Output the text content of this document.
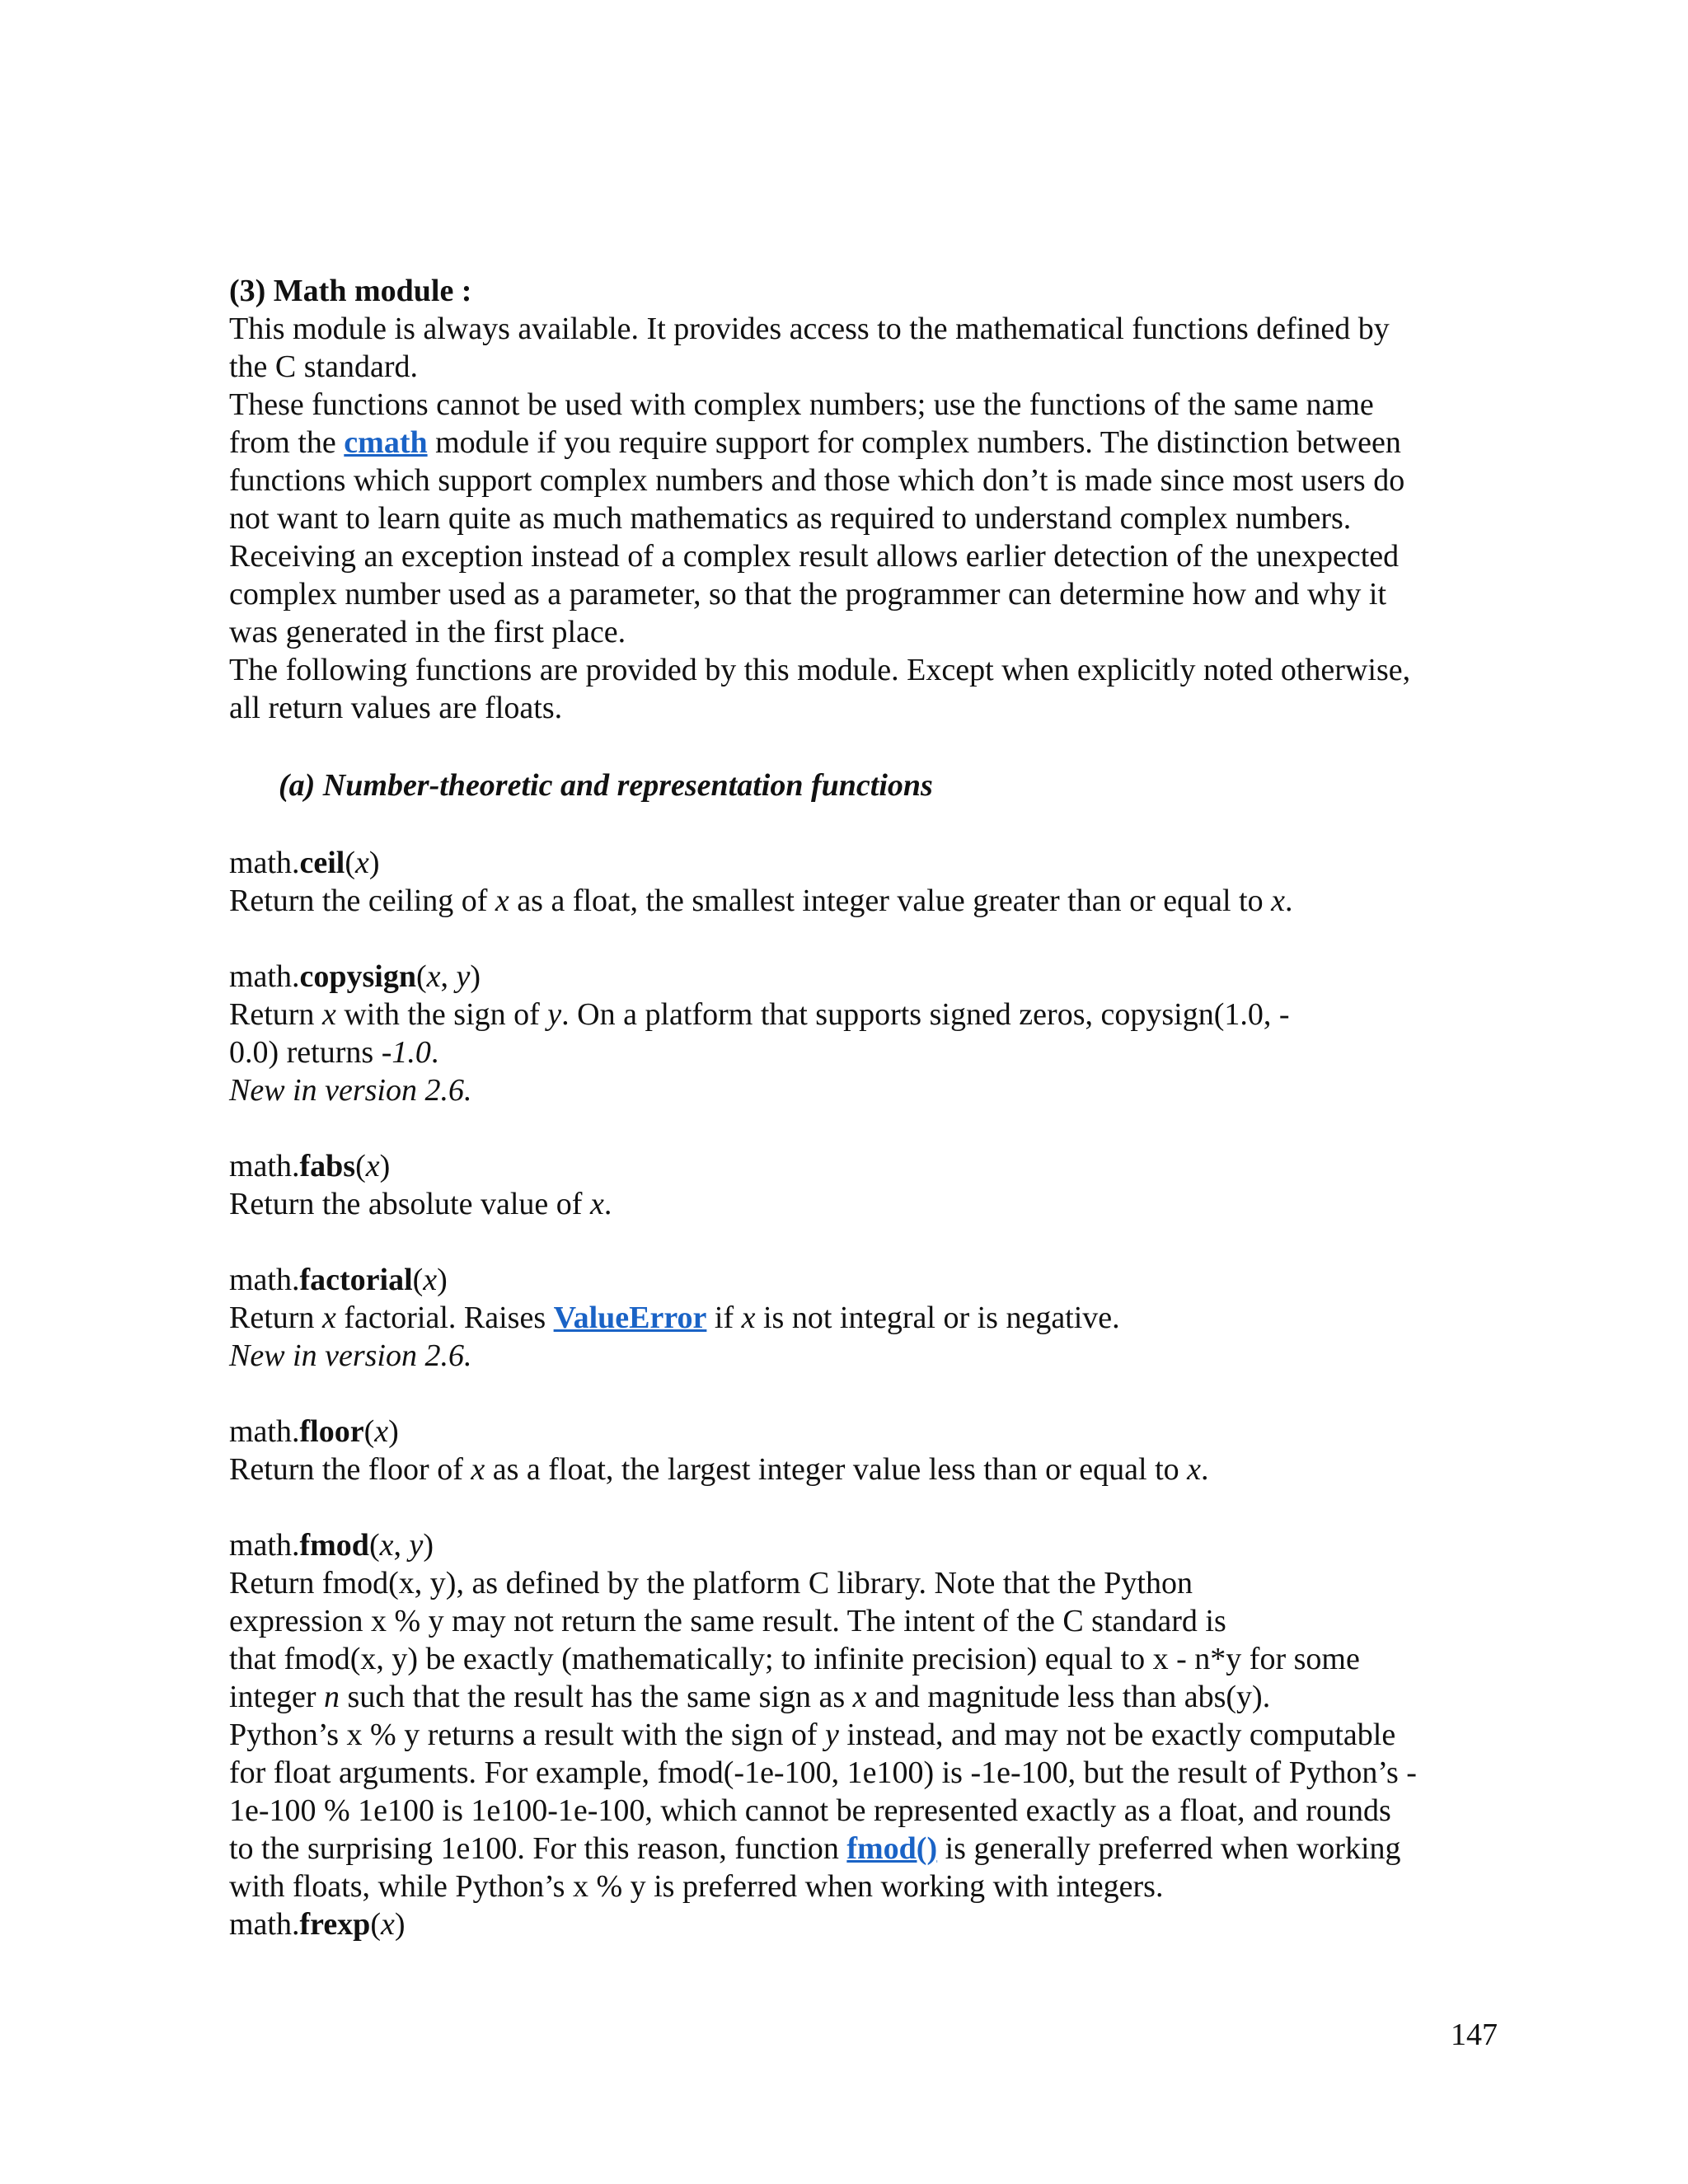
(3) Math module :
This module is always available. It provides access to the mathematical functions defined by
the C standard.
These functions cannot be used with complex numbers; use the functions of the same name
from the cmath module if you require support for complex numbers. The distinction between
functions which support complex numbers and those which don’t is made since most users do
not want to learn quite as much mathematics as required to understand complex numbers.
Receiving an exception instead of a complex result allows earlier detection of the unexpected
complex number used as a parameter, so that the programmer can determine how and why it
was generated in the first place.
The following functions are provided by this module. Except when explicitly noted otherwise,
all return values are floats.
(a) Number-theoretic and representation functions
math.ceil(x)
Return the ceiling of x as a float, the smallest integer value greater than or equal to x.
math.copysign(x, y)
Return x with the sign of y. On a platform that supports signed zeros, copysign(1.0, -
0.0) returns -1.0.
New in version 2.6.
math.fabs(x)
Return the absolute value of x.
math.factorial(x)
Return x factorial. Raises ValueError if x is not integral or is negative.
New in version 2.6.
math.floor(x)
Return the floor of x as a float, the largest integer value less than or equal to x.
math.fmod(x, y)
Return fmod(x, y), as defined by the platform C library. Note that the Python
expression x % y may not return the same result. The intent of the C standard is
that fmod(x, y) be exactly (mathematically; to infinite precision) equal to x - n*y for some
integer n such that the result has the same sign as x and magnitude less than abs(y).
Python’s x % y returns a result with the sign of y instead, and may not be exactly computable
for float arguments. For example, fmod(-1e-100, 1e100) is -1e-100, but the result of Python’s -
1e-100 % 1e100 is 1e100-1e-100, which cannot be represented exactly as a float, and rounds
to the surprising 1e100. For this reason, function fmod() is generally preferred when working
with floats, while Python’s x % y is preferred when working with integers.
math.frexp(x)
147
